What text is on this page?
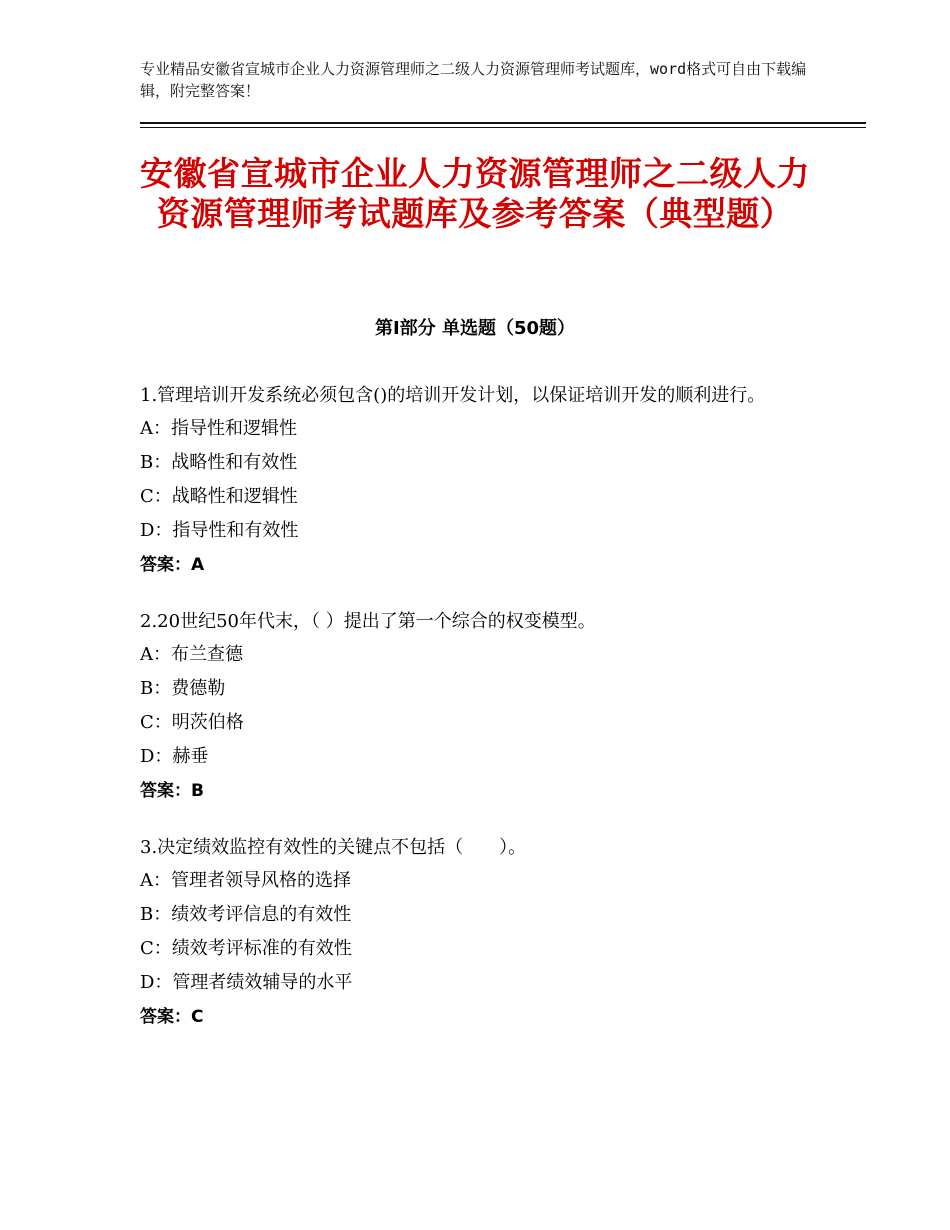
专业精品安徽省宣城市企业人力资源管理师之二级人力资源管理师考试题库，word格式可自由下载编辑，附完整答案！
安徽省宣城市企业人力资源管理师之二级人力资源管理师考试题库及参考答案（典型题）
第Ⅰ部分 单选题（50题）

1.管理培训开发系统必须包含()的培训开发计划，以保证培训开发的顺利进行。

A：指导性和逻辑性

B：战略性和有效性

C：战略性和逻辑性

D：指导性和有效性

答案：A

2.20世纪50年代末，（ ）提出了第一个综合的权变模型。

A：布兰查德

B：费德勒

C：明茨伯格

D：赫垂

答案：B

3.决定绩效监控有效性的关键点不包括（　　）。

A：管理者领导风格的选择

B：绩效考评信息的有效性

C：绩效考评标准的有效性

D：管理者绩效辅导的水平

答案：C
